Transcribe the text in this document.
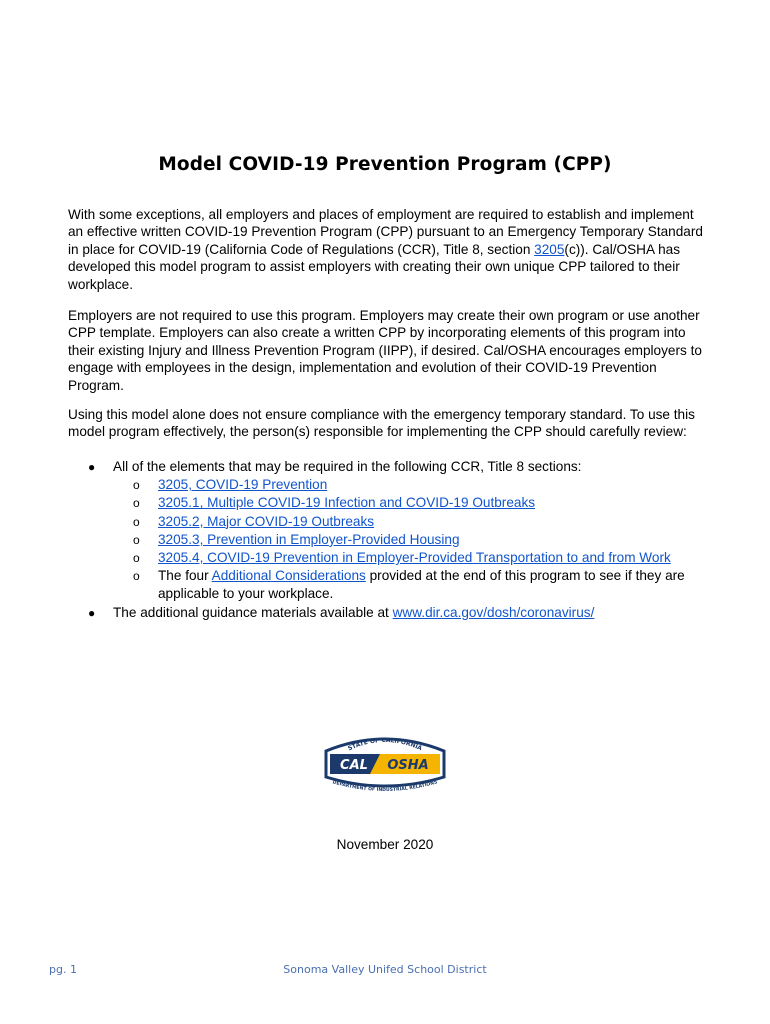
Model COVID-19 Prevention Program (CPP)

With some exceptions, all employers and places of employment are required to establish and implement an effective written COVID-19 Prevention Program (CPP) pursuant to an Emergency Temporary Standard in place for COVID-19 (California Code of Regulations (CCR), Title 8, section 3205(c)). Cal/OSHA has developed this model program to assist employers with creating their own unique CPP tailored to their workplace.

Employers are not required to use this program. Employers may create their own program or use another CPP template. Employers can also create a written CPP by incorporating elements of this program into their existing Injury and Illness Prevention Program (IIPP), if desired. Cal/OSHA encourages employers to engage with employees in the design, implementation and evolution of their COVID-19 Prevention Program.

Using this model alone does not ensure compliance with the emergency temporary standard. To use this model program effectively, the person(s) responsible for implementing the CPP should carefully review:

● All of the elements that may be required in the following CCR, Title 8 sections:
o 3205, COVID-19 Prevention
o 3205.1, Multiple COVID-19 Infection and COVID-19 Outbreaks
o 3205.2, Major COVID-19 Outbreaks
o 3205.3, Prevention in Employer-Provided Housing
o 3205.4, COVID-19 Prevention in Employer-Provided Transportation to and from Work
o The four Additional Considerations provided at the end of this program to see if they are applicable to your workplace.
● The additional guidance materials available at www.dir.ca.gov/dosh/coronavirus/
STATE OF CALIFORNIA
CAL OSHA
DEPARTMENT OF INDUSTRIAL RELATIONS
November 2020
Sonoma Valley Unifed School District
pg. 1
